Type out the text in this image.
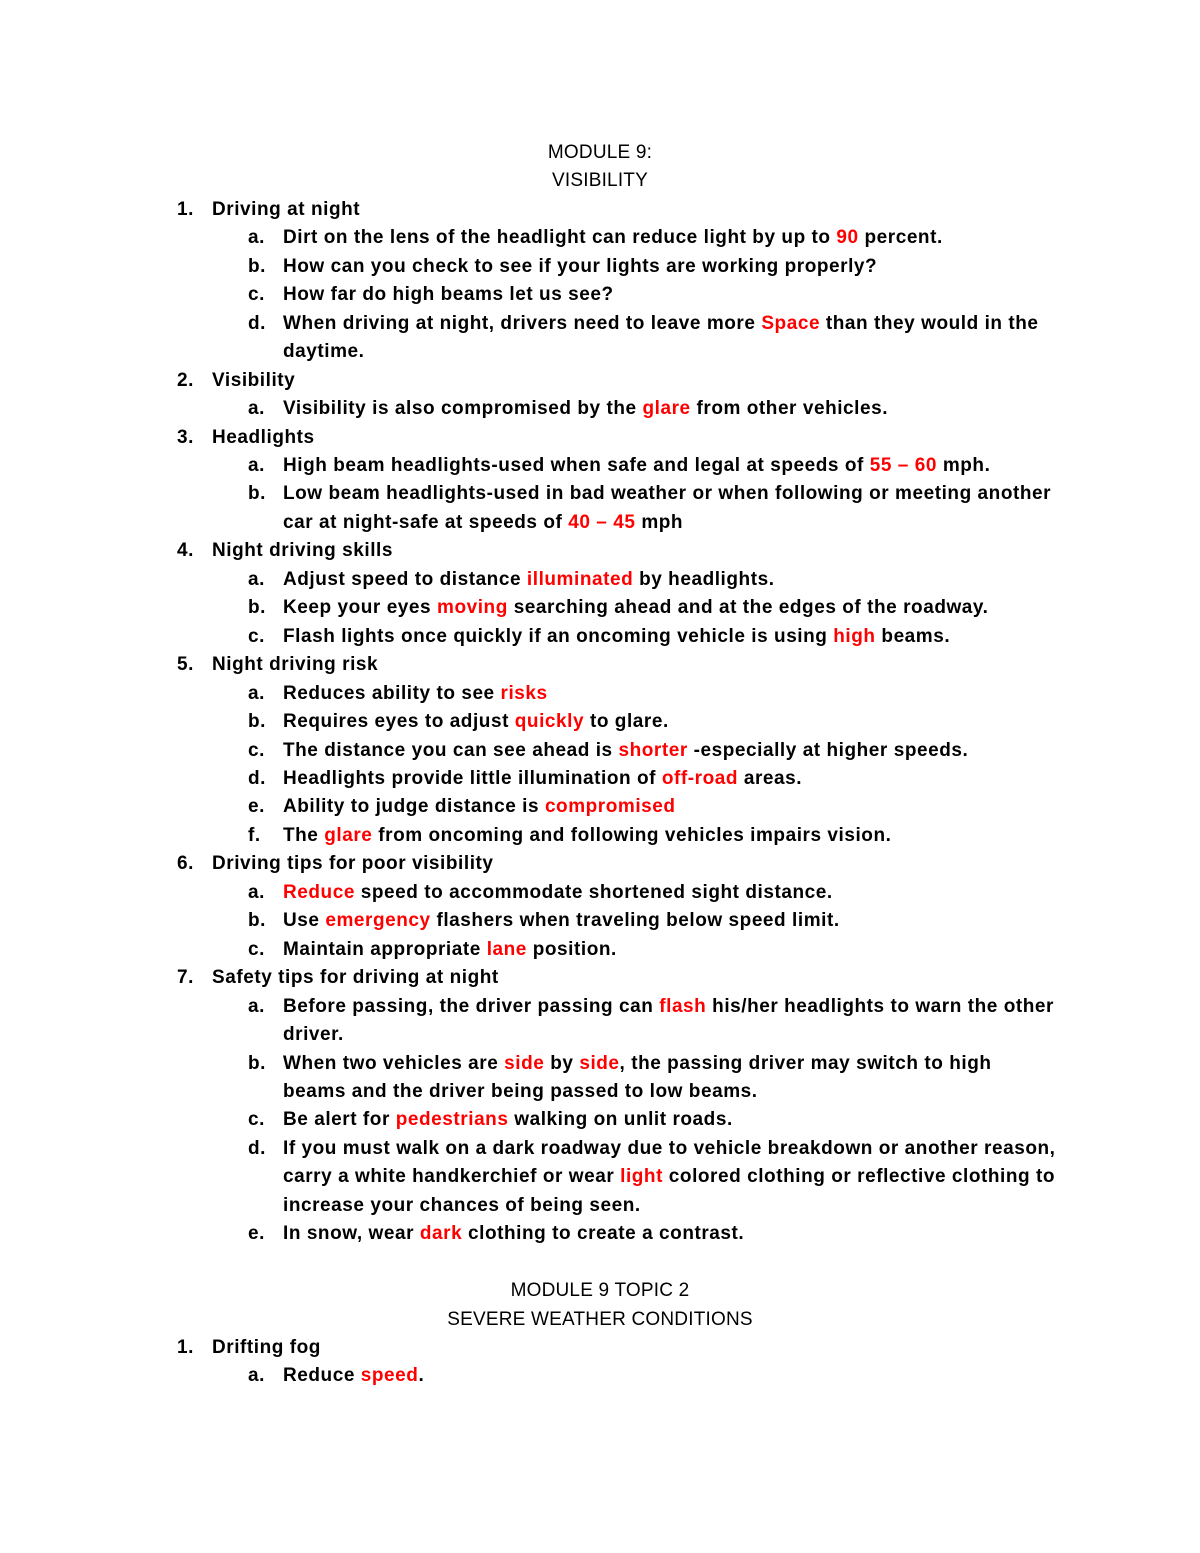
MODULE 9:
VISIBILITY
1. Driving at night
a. Dirt on the lens of the headlight can reduce light by up to 90 percent.
b. How can you check to see if your lights are working properly?
c. How far do high beams let us see?
d. When driving at night, drivers need to leave more Space than they would in the daytime.
2. Visibility
a. Visibility is also compromised by the glare from other vehicles.
3. Headlights
a. High beam headlights-used when safe and legal at speeds of 55 – 60 mph.
b. Low beam headlights-used in bad weather or when following or meeting another car at night-safe at speeds of 40 – 45 mph
4. Night driving skills
a. Adjust speed to distance illuminated by headlights.
b. Keep your eyes moving searching ahead and at the edges of the roadway.
c. Flash lights once quickly if an oncoming vehicle is using high beams.
5. Night driving risk
a. Reduces ability to see risks
b. Requires eyes to adjust quickly to glare.
c. The distance you can see ahead is shorter -especially at higher speeds.
d. Headlights provide little illumination of off-road areas.
e. Ability to judge distance is compromised
f. The glare from oncoming and following vehicles impairs vision.
6. Driving tips for poor visibility
a. Reduce speed to accommodate shortened sight distance.
b. Use emergency flashers when traveling below speed limit.
c. Maintain appropriate lane position.
7. Safety tips for driving at night
a. Before passing, the driver passing can flash his/her headlights to warn the other driver.
b. When two vehicles are side by side, the passing driver may switch to high beams and the driver being passed to low beams.
c. Be alert for pedestrians walking on unlit roads.
d. If you must walk on a dark roadway due to vehicle breakdown or another reason, carry a white handkerchief or wear light colored clothing or reflective clothing to increase your chances of being seen.
e. In snow, wear dark clothing to create a contrast.
MODULE 9 TOPIC 2
SEVERE WEATHER CONDITIONS
1. Drifting fog
a. Reduce speed.
